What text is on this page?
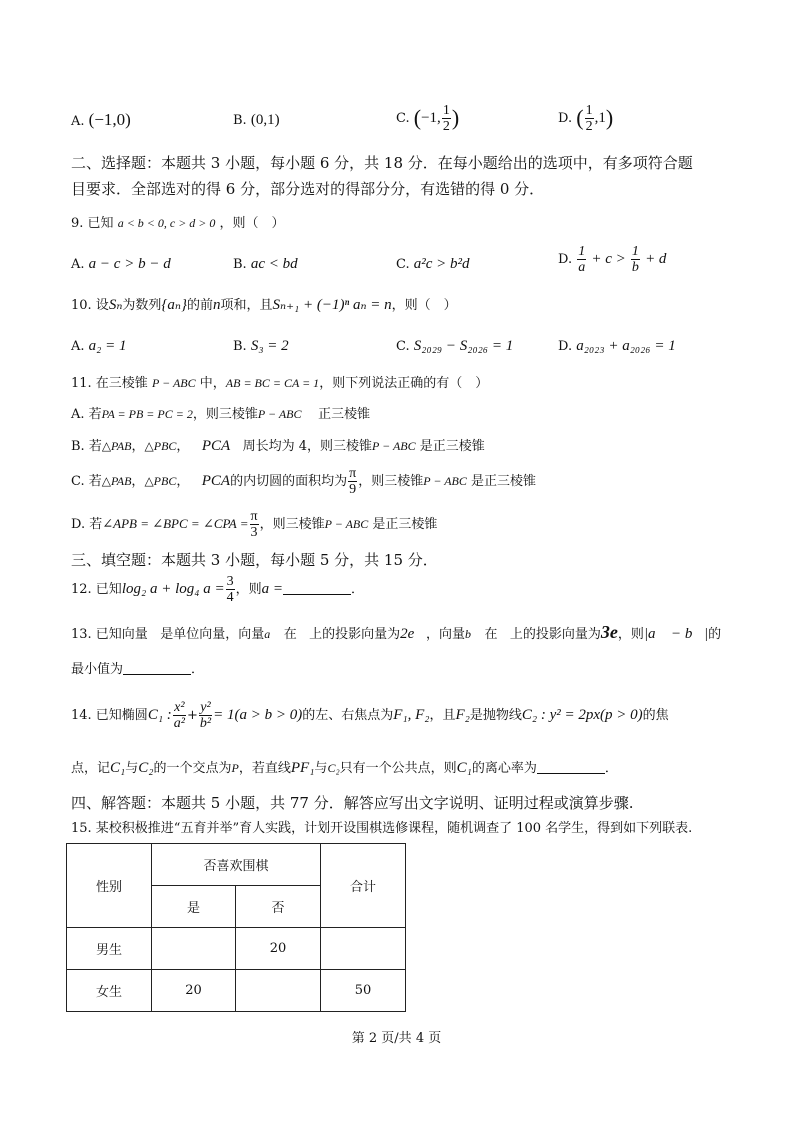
A. (−1,0)	B. (0,1)	C. (−1, $\frac{1}{2}$ )	D. ( $\frac{1}{2} ,1$)
二、选择题：本题共 3 小题，每小题 6 分，共 18 分．在每小题给出的选项中，有多项符合题
目要求．全部选对的得 6 分，部分选对的得部分分，有选错的得 0 分．
9. 已知 a < b < 0, c > d > 0 ，则（　）
A. a − c > b − d	B. ac < bd	C. a²c > b²d	D. $\frac{1}{a} + c > \frac{1}{b} + d$
10. 设Sₙ为数列{aₙ}的前n项和，且Sₙ₊₁ + (−1)ⁿ aₙ = n，则（　）
A. a₂ = 1	B. S₃ = 2	C. S₂₀₂₉ − S₂₀₂₆ = 1	D. a₂₀₂₃ + a₂₀₂₆ = 1
11. 在三棱锥 P − ABC 中，AB = BC = CA = 1，则下列说法正确的有（　）
A. 若PA = PB = PC = 2，则三棱锥P − ABC 正三棱锥
B. 若△PAB，△PBC，   PCA 周长均为 4，则三棱锥P − ABC 是正三棱锥
C. 若△PAB，△PBC，   PCA的内切圆的面积均为 $\frac{\pi}{9}$ ，则三棱锥P − ABC 是正三棱锥
D. 若∠APB = ∠BPC = ∠CPA = $\frac{\pi}{3}$ ，则三棱锥P − ABC 是正三棱锥
三、填空题：本题共 3 小题，每小题 5 分，共 15 分．
12. 已知log₂ a + log₄ $a = \frac{3}{4}$ ，则a =	．
13. 已知向量 是单位向量，向量a⃗ 在 上的投影向量为2e⃗，向量b⃗ 在 上的投影向量为3e，则|a⃗ − b⃗|的
最小值为	．
14. 已知椭圆C₁ : $\frac{\text{x²}}{\text{a²}} + \frac{\text{y²}}{\text{b²}} = 1(a > b > 0)$的左、右焦点为F₁, F₂，且F₂是抛物线C₂ : y² = 2px(p > 0)的焦
点，记C₁与C₂的一个交点为P，若直线PF₁与C₂只有一个公共点，则C₁的离心率为	．
四、解答题：本题共 5 小题，共 77 分．解答应写出文字说明、证明过程或演算步骤.
15. 某校积极推进“五育并举”育人实践，计划开设围棋选修课程，随机调查了 100 名学生，得到如下列联表.
性别	否喜欢围棋		合计
	是	否	
男生		20	
女生	20		50
第 2 页/共 4 页
